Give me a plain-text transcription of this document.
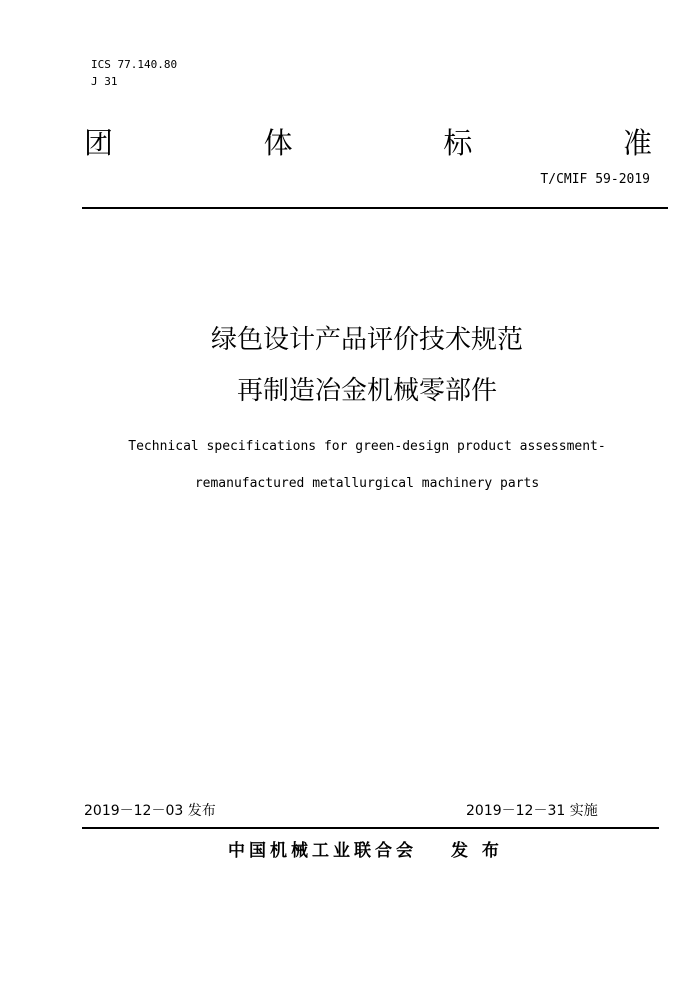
ICS 77.140.80
J 31
团	体	标	准
T/CMIF 59-2019
绿色设计产品评价技术规范
再制造冶金机械零部件
Technical specifications for green-design product assessment-
remanufactured metallurgical machinery parts
2019－12－03 发布	2019－12－31 实施
中国机械工业联合会 发 布
